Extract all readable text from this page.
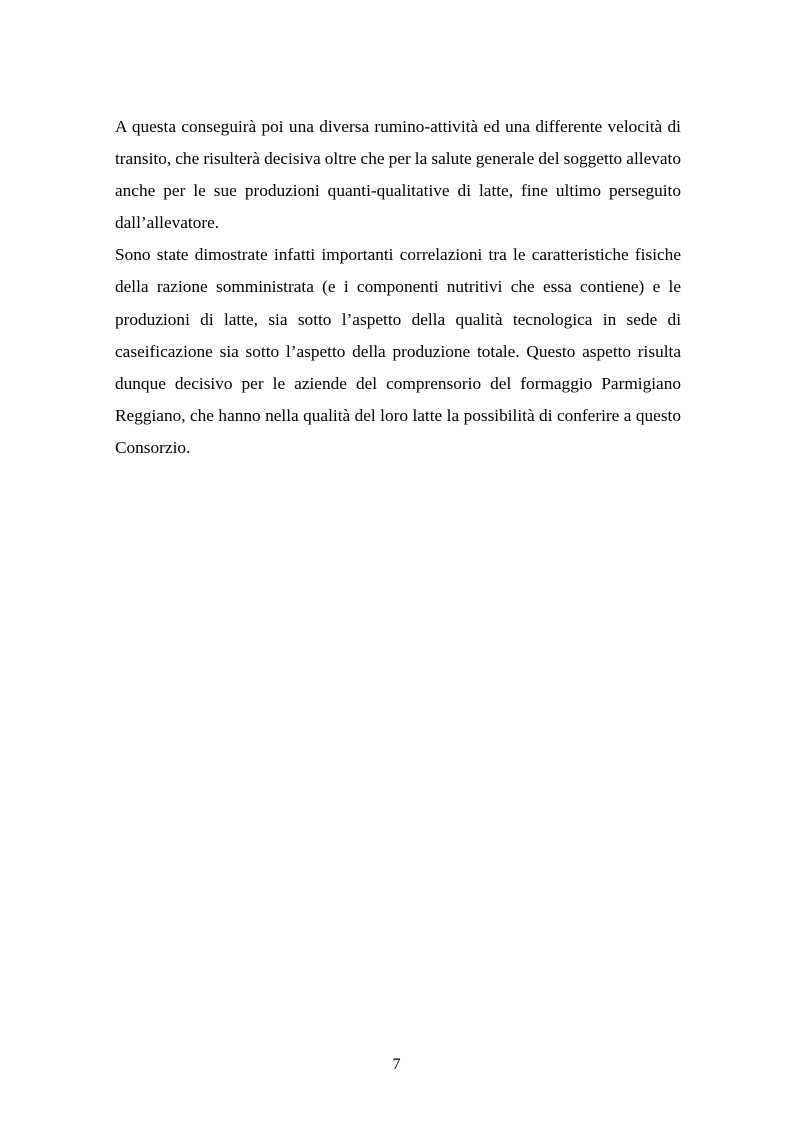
A questa conseguirà poi una diversa rumino-attività ed una differente velocità di transito, che risulterà decisiva oltre che per la salute generale del soggetto allevato anche per le sue produzioni quanti-qualitative di latte, fine ultimo perseguito dall’allevatore.

Sono state dimostrate infatti importanti correlazioni tra le caratteristiche fisiche della razione somministrata (e i componenti nutritivi che essa contiene) e le produzioni di latte, sia sotto l’aspetto della qualità tecnologica in sede di caseificazione sia sotto l’aspetto della produzione totale. Questo aspetto risulta dunque decisivo per le aziende del comprensorio del formaggio Parmigiano Reggiano, che hanno nella qualità del loro latte la possibilità di conferire a questo Consorzio.

7
